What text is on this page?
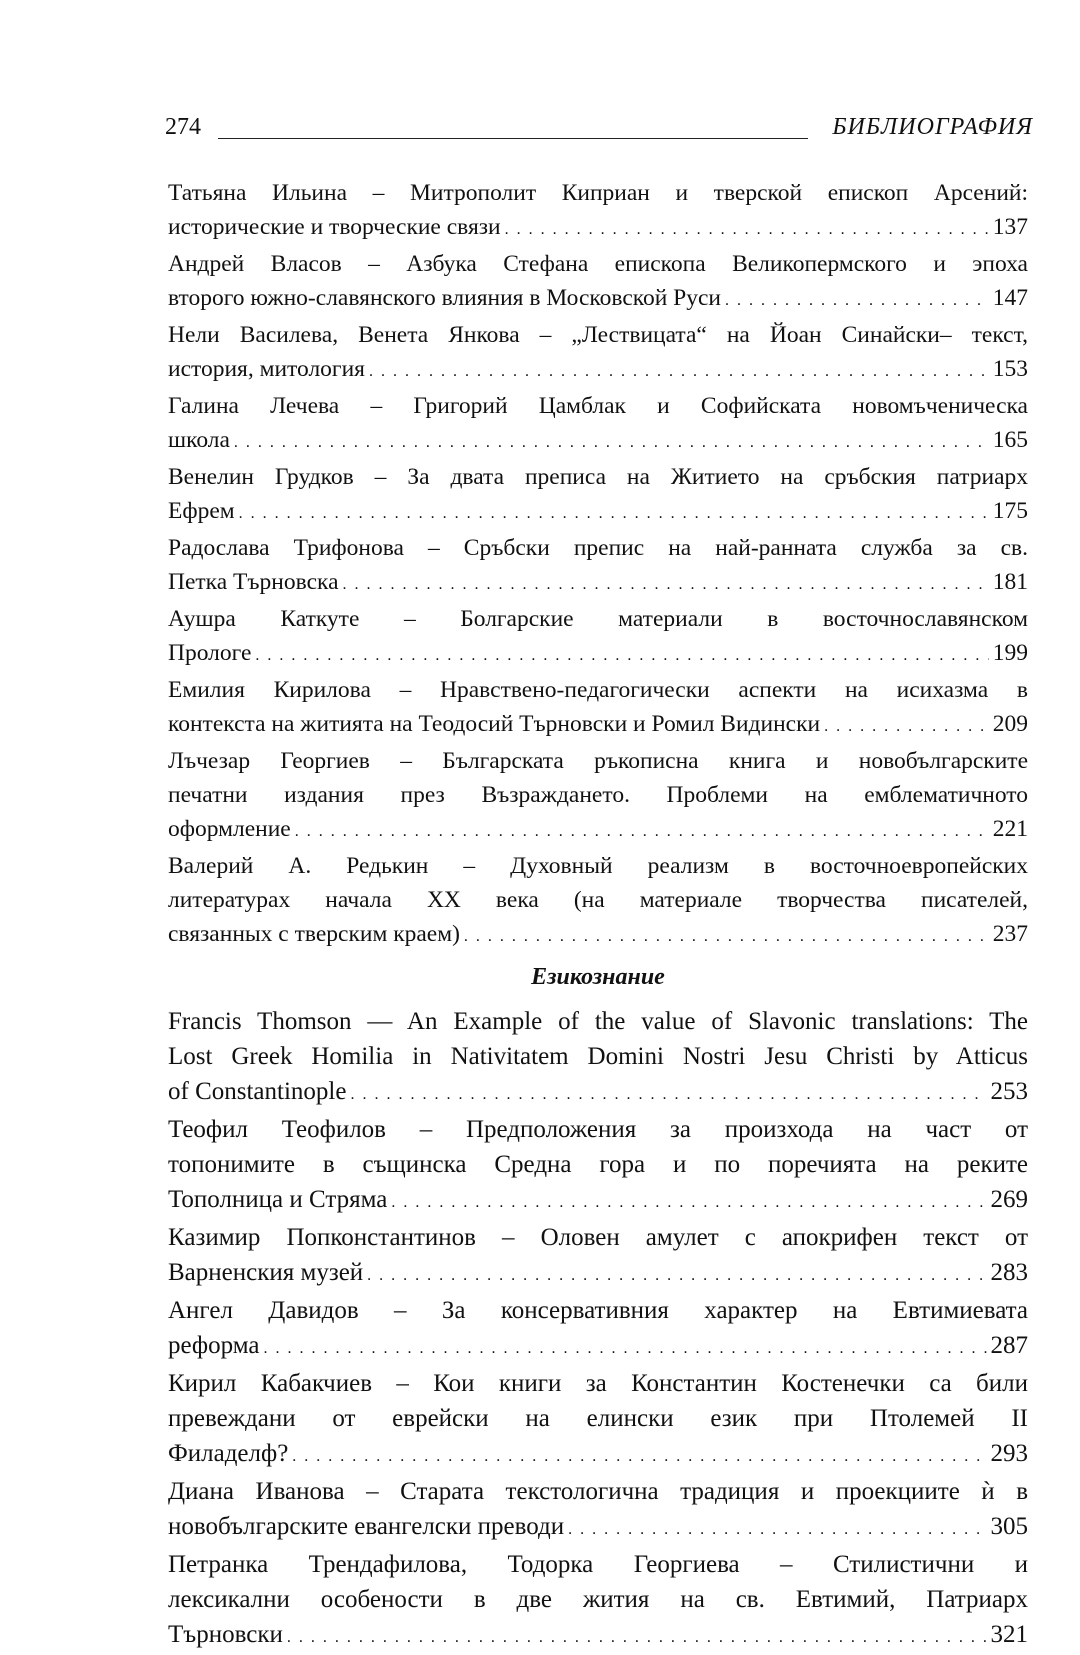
274	БИБЛИОГРАФИЯ
Татьяна Ильина – Митрополит Киприан и тверской епископ Арсений:
исторические и творческие связи . . .	137
Андрей Власов – Азбука Стефана епископа Великопермского и эпоха
второго южно-славянского влияния в Московской Руси . . .	147
Нели Василева, Венета Янкова – „Лествицата“ на Йоан Синайски– текст,
история, митология . . .	153
Галина Лечева – Григорий Цамблак и Софийската новомъченическа
школа . . .	165
Венелин Грудков – За двата преписа на Житието на сръбския патриарх
Ефрем . . .	175
Радослава Трифонова – Сръбски препис на най-ранната служба за св.
Петка Търновска . . .	181
Аушра Каткуте – Болгарские материали в восточнославянском
Прологе . . .	199
Емилия Кирилова – Нравствено-педагогически аспекти на исихазма в
контекста на житията на Теодосий Търновски и Ромил Видински . . .	209
Лъчезар Георгиев – Българската ръкописна книга и новобългарските
печатни издания през Възраждането. Проблеми на емблематичното
оформление . . .	221
Валерий А. Редькин – Духовный реализм в восточноевропейских
литературах начала XX века (на материале творчества писателей,
связанных с тверским краем) . . .	237
Езикознание
Francis Thomson — An Example of the value of Slavonic translations: The
Lost Greek Homilia in Nativitatem Domini Nostri Jesu Christi by Atticus
of Constantinople . . .	253
Теофил Теофилов – Предположения за произхода на част от
топонимите в същинска Средна гора и по поречията на реките
Тополница и Стряма . . .	269
Казимир Попконстантинов – Оловен амулет с апокрифен текст от
Варненския музей . . .	283
Ангел Давидов – За консервативния характер на Евтимиевата
реформа . . .	287
Кирил Кабакчиев – Кои книги за Константин Костенечки са били
превеждани от еврейски на елински език при Птолемей II
Филаделф? . . .	293
Диана Иванова – Старата текстологична традиция и проекциите ѝ в
новобългарските евангелски преводи . . .	305
Петранка Трендафилова, Тодорка Георгиева – Стилистични и
лексикални особености в две жития на св. Евтимий, Патриарх
Търновски . . .	321
